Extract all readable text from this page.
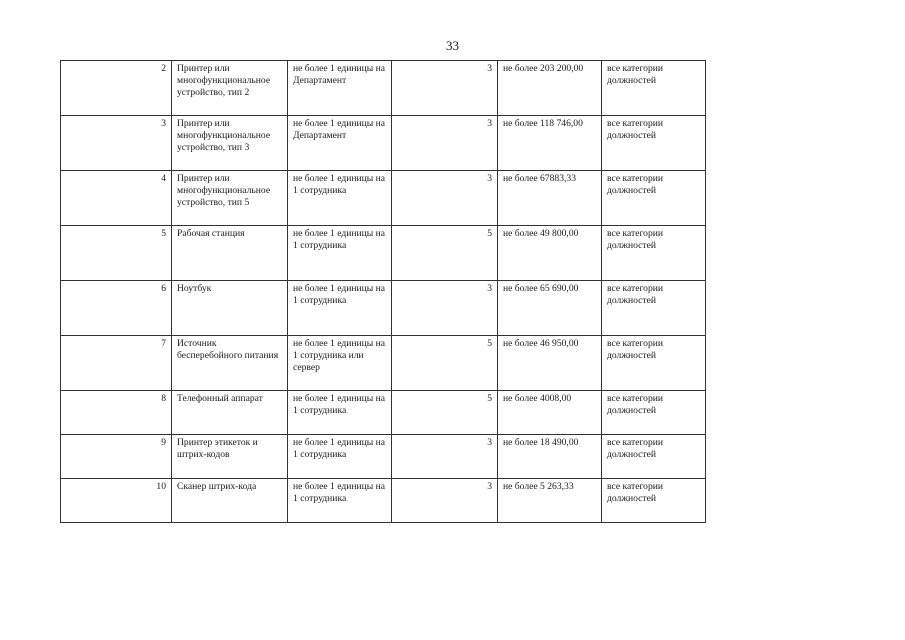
33
2	Принтер или многофункциональное устройство, тип 2	не более 1 единицы на Департамент	3	не более 203 200,00	все категории должностей
3	Принтер или многофункциональное устройство, тип 3	не более 1 единицы на Департамент	3	не более 118 746,00	все категории должностей
4	Принтер или многофункциональное устройство, тип 5	не более 1 единицы на 1 сотрудника	3	не более 67883,33	все категории должностей
5	Рабочая станция	не более 1 единицы на 1 сотрудника	5	не более 49 800,00	все категории должностей
6	Ноутбук	не более 1 единицы на 1 сотрудника	3	не более 65 690,00	все категории должностей
7	Источник бесперебойного питания	не более 1 единицы на 1 сотрудника или сервер	5	не более 46 950,00	все категории должностей
8	Телефонный аппарат	не более 1 единицы на 1 сотрудника	5	не более 4008,00	все категории должностей
9	Принтер этикеток и штрих-кодов	не более 1 единицы на 1 сотрудника	3	не более 18 490,00	все категории должностей
10	Сканер штрих-кода	не более 1 единицы на 1 сотрудника	3	не более 5 263,33	все категории должностей
